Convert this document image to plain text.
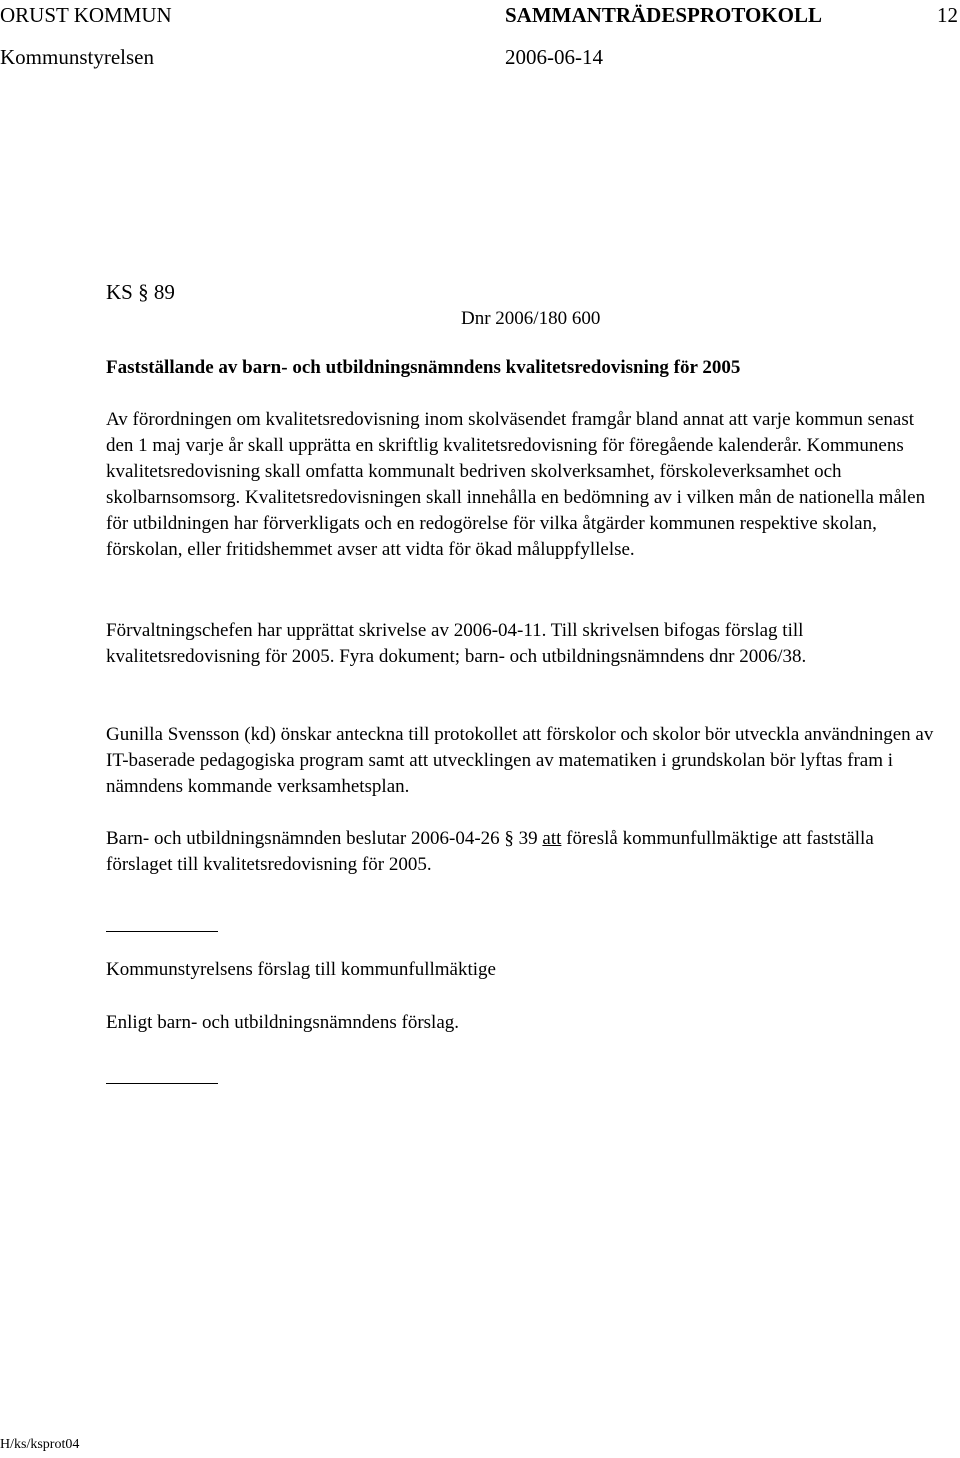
ORUST KOMMUN	SAMMANTRÄDESPROTOKOLL	12
Kommunstyrelsen	2006-06-14
KS § 89
Dnr 2006/180 600
Fastställande av barn- och utbildningsnämndens kvalitetsredovisning för 2005

Av förordningen om kvalitetsredovisning inom skolväsendet framgår bland annat att varje kommun senast den 1 maj varje år skall upprätta en skriftlig kvalitetsredovisning för föregående kalenderår. Kommunens kvalitetsredovisning skall omfatta kommunalt bedriven skolverksamhet, förskoleverksamhet och skolbarnsomsorg. Kvalitetsredovisningen skall innehålla en bedömning av i vilken mån de nationella målen för utbildningen har förverkligats och en redogörelse för vilka åtgärder kommunen respektive skolan, förskolan, eller fritidshemmet avser att vidta för ökad måluppfyllelse.

Förvaltningschefen har upprättat skrivelse av 2006-04-11. Till skrivelsen bifogas förslag till kvalitetsredovisning för 2005. Fyra dokument; barn- och utbildningsnämndens dnr 2006/38.

Gunilla Svensson (kd) önskar anteckna till protokollet att förskolor och skolor bör utveckla användningen av IT-baserade pedagogiska program samt att utvecklingen av matematiken i grundskolan bör lyftas fram i nämndens kommande verksamhetsplan.

Barn- och utbildningsnämnden beslutar 2006-04-26 § 39 att föreslå kommunfullmäktige att fastställa förslaget till kvalitetsredovisning för 2005.

Kommunstyrelsens förslag till kommunfullmäktige
Enligt barn- och utbildningsnämndens förslag.
H/ks/ksprot04
